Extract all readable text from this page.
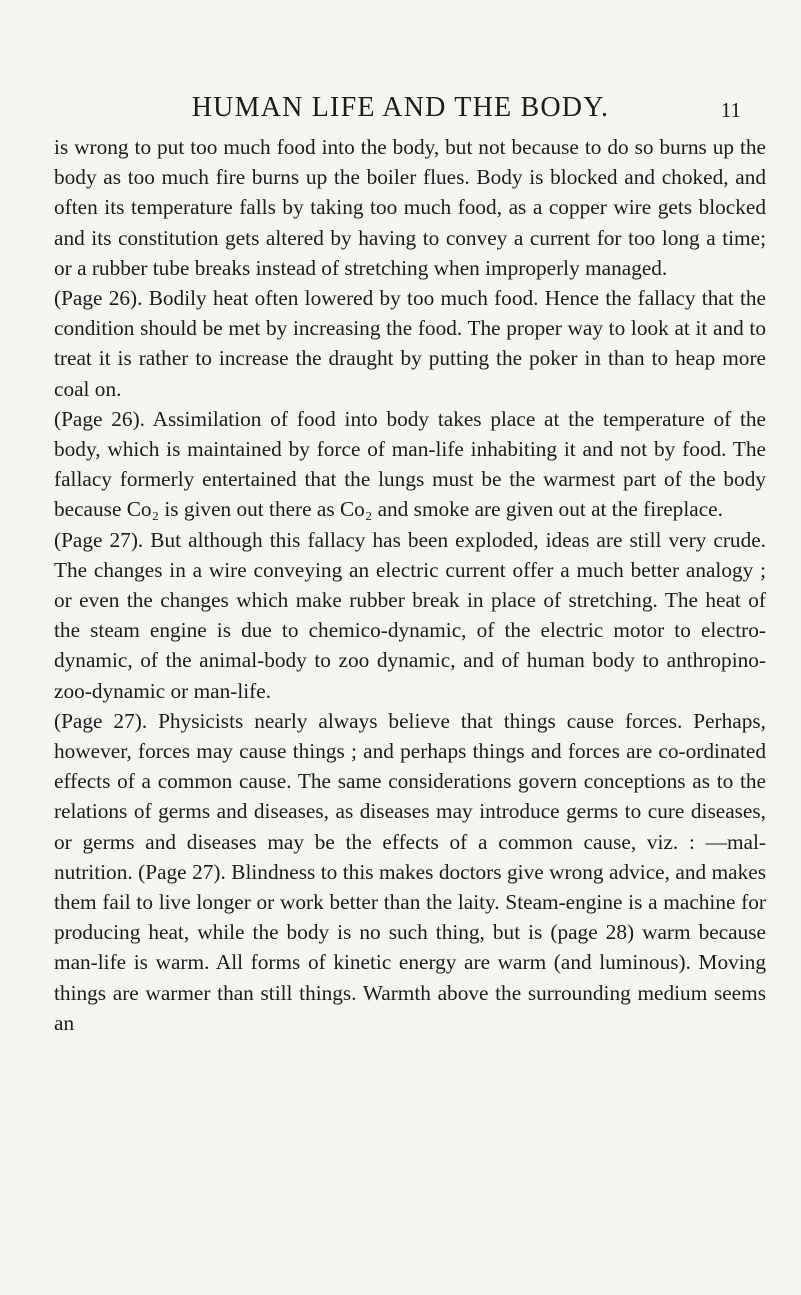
HUMAN LIFE AND THE BODY.	11

is wrong to put too much food into the body, but not because to do so burns up the body as too much fire burns up the boiler flues. Body is blocked and choked, and often its temperature falls by taking too much food, as a copper wire gets blocked and its constitution gets altered by having to convey a current for too long a time; or a rubber tube breaks instead of stretching when improperly managed.

(Page 26). Bodily heat often lowered by too much food. Hence the fallacy that the condition should be met by increasing the food. The proper way to look at it and to treat it is rather to increase the draught by putting the poker in than to heap more coal on.

(Page 26). Assimilation of food into body takes place at the temperature of the body, which is maintained by force of man-life inhabiting it and not by food. The fallacy formerly entertained that the lungs must be the warmest part of the body because Co₂ is given out there as Co₂ and smoke are given out at the fireplace.

(Page 27). But although this fallacy has been exploded, ideas are still very crude. The changes in a wire conveying an electric current offer a much better analogy ; or even the changes which make rubber break in place of stretching. The heat of the steam engine is due to chemico-dynamic, of the electric motor to electro-dynamic, of the animal-body to zoo dynamic, and of human body to anthropino-zoo-dynamic or man-life.

(Page 27). Physicists nearly always believe that things cause forces. Perhaps, however, forces may cause things ; and perhaps things and forces are co-ordinated effects of a common cause. The same considerations govern conceptions as to the relations of germs and diseases, as diseases may introduce germs to cure diseases, or germs and diseases may be the effects of a common cause, viz. : —mal-nutrition. (Page 27). Blindness to this makes doctors give wrong advice, and makes them fail to live longer or work better than the laity. Steam-engine is a machine for producing heat, while the body is no such thing, but is (page 28) warm because man-life is warm. All forms of kinetic energy are warm (and luminous). Moving things are warmer than still things. Warmth above the surrounding medium seems an
